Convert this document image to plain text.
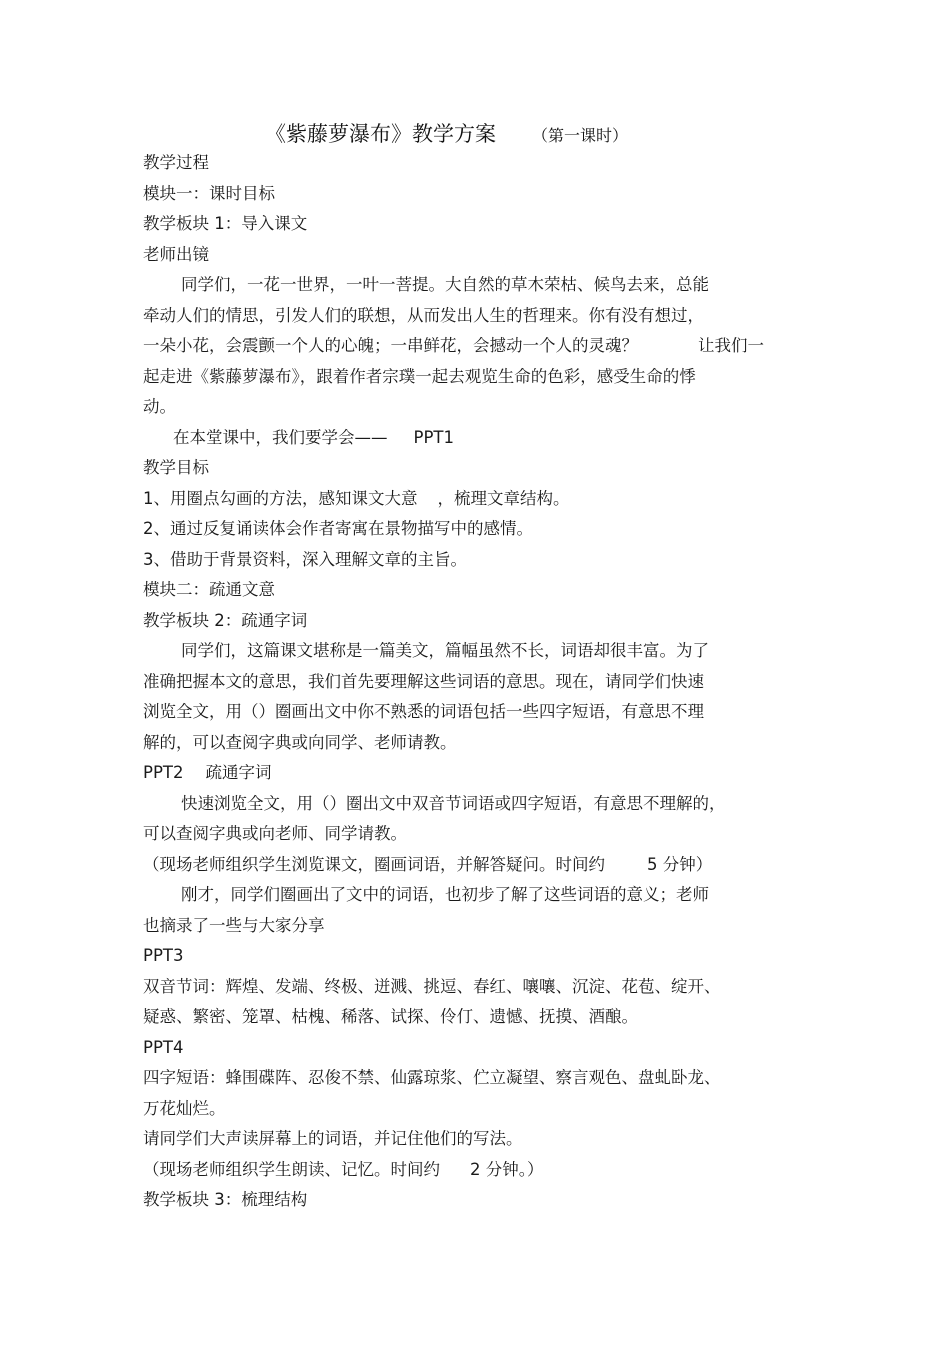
《紫藤萝瀑布》教学方案 （第一课时）
教学过程
模块一：课时目标
教学板块 1：导入课文
老师出镜
同学们，一花一世界，一叶一菩提。大自然的草木荣枯、候鸟去来，总能
牵动人们的情思，引发人们的联想，从而发出人生的哲理来。你有没有想过，
一朵小花，会震颤一个人的心魄；一串鲜花，会撼动一个人的灵魂？	让我们一
起走进《紫藤萝瀑布》，跟着作者宗璞一起去观览生命的色彩，感受生命的悸
动。
在本堂课中，我们要学会—— PPT1
教学目标
1、用圈点勾画的方法，感知课文大意 ，梳理文章结构。
2、通过反复诵读体会作者寄寓在景物描写中的感情。
3、借助于背景资料，深入理解文章的主旨。
模块二：疏通文意
教学板块 2：疏通字词
同学们，这篇课文堪称是一篇美文，篇幅虽然不长，词语却很丰富。为了
准确把握本文的意思，我们首先要理解这些词语的意思。现在，请同学们快速
浏览全文，用（）圈画出文中你不熟悉的词语包括一些四字短语，有意思不理
解的，可以查阅字典或向同学、老师请教。
PPT2 疏通字词
快速浏览全文，用（）圈出文中双音节词语或四字短语，有意思不理解的，
可以查阅字典或向老师、同学请教。
（现场老师组织学生浏览课文，圈画词语，并解答疑问。时间约	5 分钟）
刚才，同学们圈画出了文中的词语，也初步了解了这些词语的意义；老师
也摘录了一些与大家分享
PPT3
双音节词：辉煌、发端、终极、迸溅、挑逗、春红、嚷嚷、沉淀、花苞、绽开、
疑惑、繁密、笼罩、枯槐、稀落、试探、伶仃、遗憾、抚摸、酒酿。
PPT4
四字短语：蜂围碟阵、忍俊不禁、仙露琼浆、伫立凝望、察言观色、盘虬卧龙、
万花灿烂。
请同学们大声读屏幕上的词语，并记住他们的写法。
（现场老师组织学生朗读、记忆。时间约 2 分钟。）
教学板块 3：梳理结构
